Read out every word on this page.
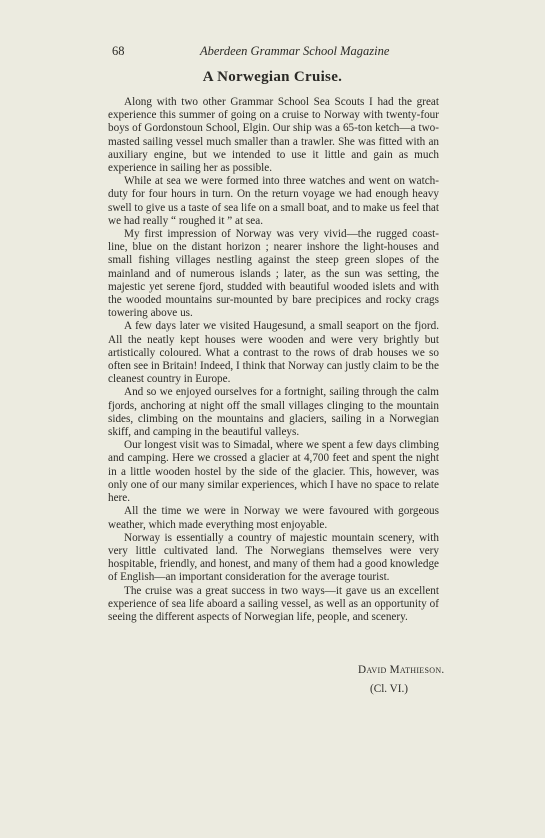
68	Aberdeen Grammar School Magazine
A Norwegian Cruise.

Along with two other Grammar School Sea Scouts I had the great experience this summer of going on a cruise to Norway with twenty-four boys of Gordonstoun School, Elgin. Our ship was a 65-ton ketch—a two-masted sailing vessel much smaller than a trawler. She was fitted with an auxiliary engine, but we intended to use it little and gain as much experience in sailing her as possible.

While at sea we were formed into three watches and went on watch-duty for four hours in turn. On the return voyage we had enough heavy swell to give us a taste of sea life on a small boat, and to make us feel that we had really “ roughed it ” at sea.

My first impression of Norway was very vivid—the rugged coast-line, blue on the distant horizon ; nearer inshore the light-houses and small fishing villages nestling against the steep green slopes of the mainland and of numerous islands ; later, as the sun was setting, the majestic yet serene fjord, studded with beautiful wooded islets and with the wooded mountains sur-mounted by bare precipices and rocky crags towering above us.

A few days later we visited Haugesund, a small seaport on the fjord. All the neatly kept houses were wooden and were very brightly but artistically coloured. What a contrast to the rows of drab houses we so often see in Britain! Indeed, I think that Norway can justly claim to be the cleanest country in Europe.

And so we enjoyed ourselves for a fortnight, sailing through the calm fjords, anchoring at night off the small villages clinging to the mountain sides, climbing on the mountains and glaciers, sailing in a Norwegian skiff, and camping in the beautiful valleys.

Our longest visit was to Simadal, where we spent a few days climbing and camping. Here we crossed a glacier at 4,700 feet and spent the night in a little wooden hostel by the side of the glacier. This, however, was only one of our many similar experiences, which I have no space to relate here.

All the time we were in Norway we were favoured with gorgeous weather, which made everything most enjoyable.

Norway is essentially a country of majestic mountain scenery, with very little cultivated land. The Norwegians themselves were very hospitable, friendly, and honest, and many of them had a good knowledge of English—an important consideration for the average tourist.

The cruise was a great success in two ways—it gave us an excellent experience of sea life aboard a sailing vessel, as well as an opportunity of seeing the different aspects of Norwegian life, people, and scenery.

David Mathieson.
(Cl. VI.)
